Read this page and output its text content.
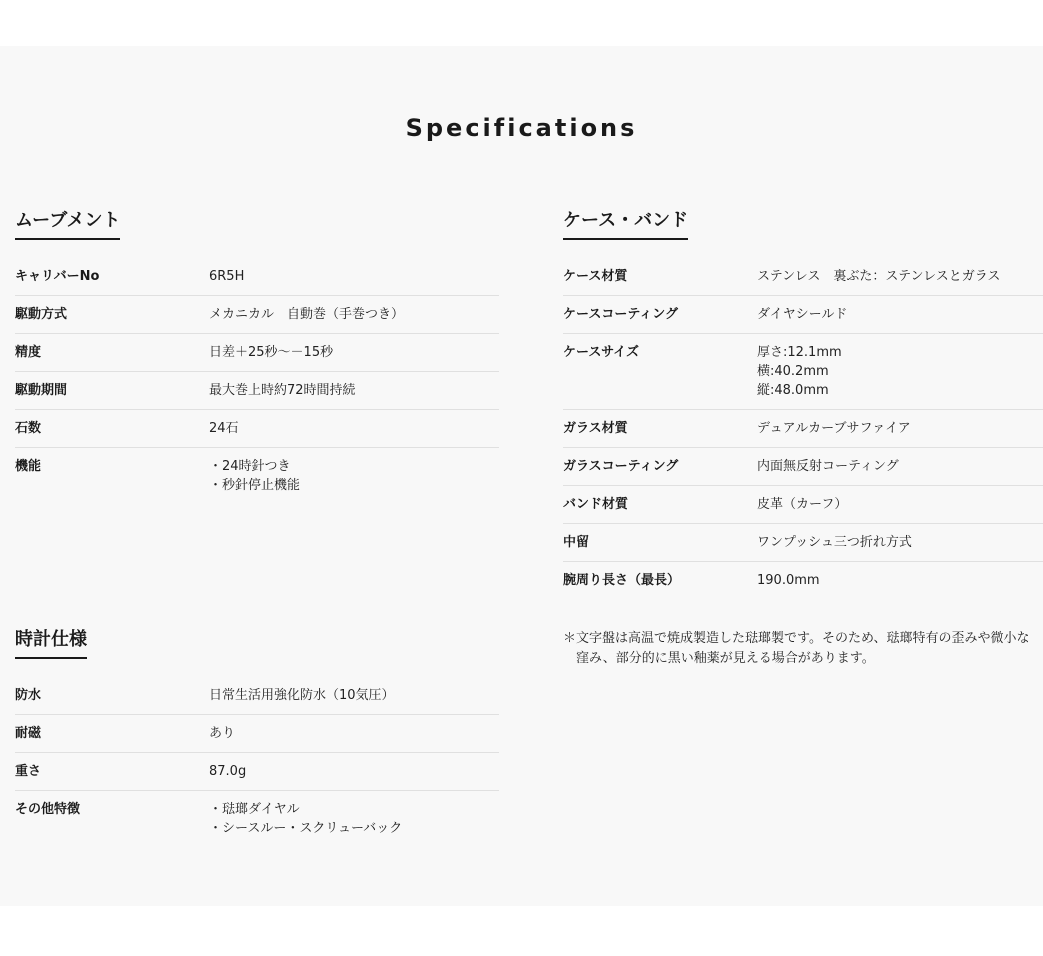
Specifications
ムーブメント
キャリバーNo	6R5H
駆動方式	メカニカル　自動巻（手巻つき）
精度	日差＋25秒～－15秒
駆動期間	最大巻上時約72時間持続
石数	24石
機能	・24時針つき
・秒針停止機能
ケース・バンド
ケース材質	ステンレス　裏ぶた：ステンレスとガラス
ケースコーティング	ダイヤシールド
ケースサイズ	厚さ:12.1mm
横:40.2mm
縦:48.0mm
ガラス材質	デュアルカーブサファイア
ガラスコーティング	内面無反射コーティング
バンド材質	皮革（カーフ）
中留	ワンプッシュ三つ折れ方式
腕周り長さ（最長）	190.0mm
時計仕様
防水	日常生活用強化防水（10気圧）
耐磁	あり
重さ	87.0g
その他特徴	・琺瑯ダイヤル
・シースルー・スクリューバック
＊文字盤は高温で焼成製造した琺瑯製です。そのため、琺瑯特有の歪みや微小な
窪み、部分的に黒い釉薬が見える場合があります。
